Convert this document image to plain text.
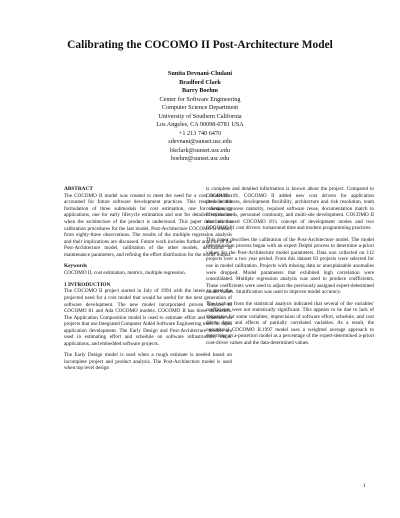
Calibrating the COCOMO II Post-Architecture Model

Sunita Devnani-Chulani

Bradford Clark

Barry Boehm

Center for Software Engineering

Computer Science Department

University of Southern California

Los Angeles, CA 90098-0781 USA

+1 213 740 6470

sdevnani@sunset.usc.edu

bkclark@sunset.usc.edu

boehm@sunset.usc.edu

ABSTRACT

The COCOMO II model was created to meet the need for a cost model that accounted for future software development practices. This resulted in the formulation of three submodels for cost estimation, one for composing applications, one for early lifecycle estimation and one for detailed estimation when the architecture of the product is understood. This paper describes the calibration procedures for the last model, Post-Architecture COCOMO II model, from eighty-three observations. The results of the multiple regression analysis and their implications are discussed. Future work includes further analysis of the Post-Architecture model, calibration of the other models, derivation of maintenance parameters, and refining the effort distribution for the model output.

Keywords

COCOMO II, cost estimation, metrics, multiple regression.

1 INTRODUCTION

The COCOMO II project started in July of 1994 with the intent to meet the projected need for a cost model that would be useful for the next generation of software development. The new model incorporated proven features of COCOMO 81 and Ada COCOMO models. COCOMO II has three submodels. The Application Composition model is used to estimate effort and schedule on projects that use Integrated Computer Aided Software Engineering tools for rapid application development. The Early Design and Post-Architecture models are used in estimating effort and schedule on software infrastructure, major applications, and embedded software projects.

The Early Design model is used when a rough estimate is needed based on incomplete project and product analysis. The Post-Architecture model is used when top level design

is complete and detailed information is known about the project. Compared to COCOMO 81, COCOMO II added new cost drivers for application precedentedness, development flexibility, architecture and risk resolution, team cohesion, process maturity, required software reuse, documentation match to lifecycle needs, personnel continuity, and multi-site development. COCOMO II also eliminated COCOMO 81's concept of development modes and two COCOMO 81 cost drivers: turnaround time and modern programming practices.

This paper describes the calibration of the Post-Architecture model. The model determination process began with an expert Delphi process to determine a-priori values for the Post-Architecture model parameters. Data was collected on 112 projects over a two year period. From this dataset 83 projects were selected for use in model calibration. Projects with missing data or unexplainable anomalies were dropped. Model parameters that exhibited high correlation were consolidated. Multiple regression analysis was used to produce coefficients. These coefficients were used to adjust the previously assigned expert-determined model values. Stratification was used to improve model accuracy.

The t-values from the statistical analysis indicated that several of the variables' coefficients were not statistically significant. This appears to be due to lack of dispersion for some variables; imprecision of software effort, schedule, and cost driver data; and effects of partially correlated variables. As a result, the operational COCOMO II.1997 model uses a weighted average approach to determine an a-posteriori model as a percentage of the expert-determined a-priori cost-driver values and the data-determined values.

1
